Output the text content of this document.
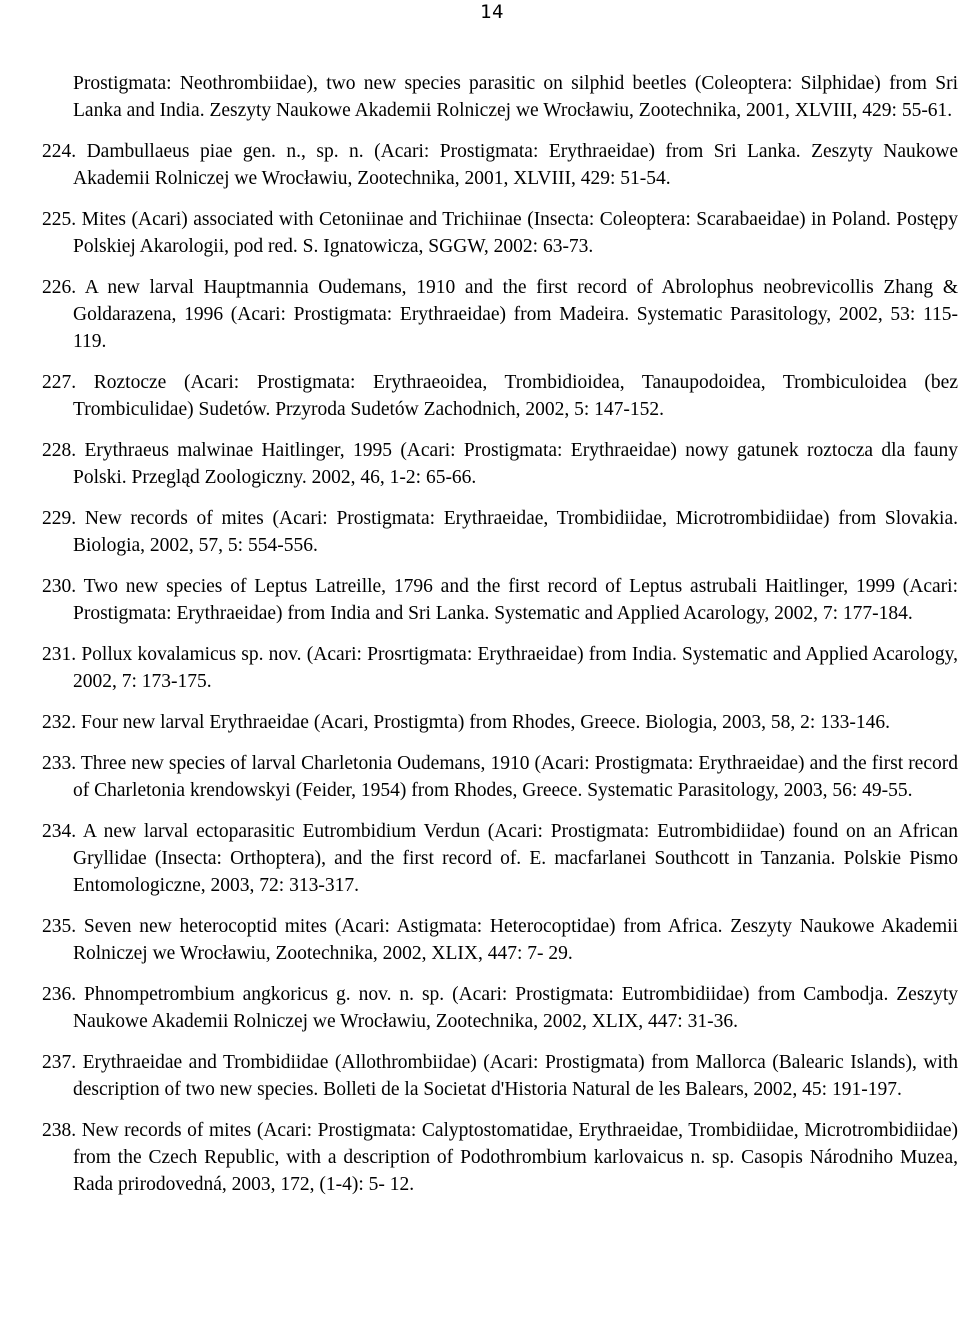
14

Prostigmata: Neothrombiidae), two new species parasitic on silphid beetles (Coleoptera: Silphidae) from Sri Lanka and India. Zeszyty Naukowe Akademii Rolniczej we Wrocławiu, Zootechnika, 2001, XLVIII, 429: 55-61.

224. Dambullaeus piae gen. n., sp. n. (Acari: Prostigmata: Erythraeidae) from Sri Lanka. Zeszyty Naukowe Akademii Rolniczej we Wrocławiu, Zootechnika, 2001, XLVIII, 429: 51-54.

225. Mites (Acari) associated with Cetoniinae and Trichiinae (Insecta: Coleoptera: Scarabaeidae) in Poland. Postępy Polskiej Akarologii, pod red. S. Ignatowicza, SGGW, 2002: 63-73.

226. A new larval Hauptmannia Oudemans, 1910 and the first record of Abrolophus neobrevicollis Zhang & Goldarazena, 1996 (Acari: Prostigmata: Erythraeidae) from Madeira. Systematic Parasitology, 2002, 53: 115-119.

227. Roztocze (Acari: Prostigmata: Erythraeoidea, Trombidioidea, Tanaupodoidea, Trombiculoidea (bez Trombiculidae) Sudetów. Przyroda Sudetów Zachodnich, 2002, 5: 147-152.

228. Erythraeus malwinae Haitlinger, 1995 (Acari: Prostigmata: Erythraeidae) nowy gatunek roztocza dla fauny Polski. Przegląd Zoologiczny. 2002, 46, 1-2: 65-66.

229. New records of mites (Acari: Prostigmata: Erythraeidae, Trombidiidae, Microtrombidiidae) from Slovakia. Biologia, 2002, 57, 5: 554-556.

230. Two new species of Leptus Latreille, 1796 and the first record of Leptus astrubali Haitlinger, 1999 (Acari: Prostigmata: Erythraeidae) from India and Sri Lanka. Systematic and Applied Acarology, 2002, 7: 177-184.

231. Pollux kovalamicus sp. nov. (Acari: Prosrtigmata: Erythraeidae) from India. Systematic and Applied Acarology, 2002, 7: 173-175.

232. Four new larval Erythraeidae (Acari, Prostigmta) from Rhodes, Greece. Biologia, 2003, 58, 2: 133-146.

233. Three new species of larval Charletonia Oudemans, 1910 (Acari: Prostigmata: Erythraeidae) and the first record of Charletonia krendowskyi (Feider, 1954) from Rhodes, Greece. Systematic Parasitology, 2003, 56: 49-55.

234. A new larval ectoparasitic Eutrombidium Verdun (Acari: Prostigmata: Eutrombidiidae) found on an African Gryllidae (Insecta: Orthoptera), and the first record of. E. macfarlanei Southcott in Tanzania. Polskie Pismo Entomologiczne, 2003, 72: 313-317.

235. Seven new heterocoptid mites (Acari: Astigmata: Heterocoptidae) from Africa. Zeszyty Naukowe Akademii Rolniczej we Wrocławiu, Zootechnika, 2002, XLIX, 447: 7- 29.

236. Phnompetrombium angkoricus g. nov. n. sp. (Acari: Prostigmata: Eutrombidiidae) from Cambodja. Zeszyty Naukowe Akademii Rolniczej we Wrocławiu, Zootechnika, 2002, XLIX, 447: 31-36.

237. Erythraeidae and Trombidiidae (Allothrombiidae) (Acari: Prostigmata) from Mallorca (Balearic Islands), with description of two new species. Bolleti de la Societat d'Historia Natural de les Balears, 2002, 45: 191-197.

238. New records of mites (Acari: Prostigmata: Calyptostomatidae, Erythraeidae, Trombidiidae, Microtrombidiidae) from the Czech Republic, with a description of Podothrombium karlovaicus n. sp. Casopis Národniho Muzea, Rada prirodovedná, 2003, 172, (1-4): 5- 12.
